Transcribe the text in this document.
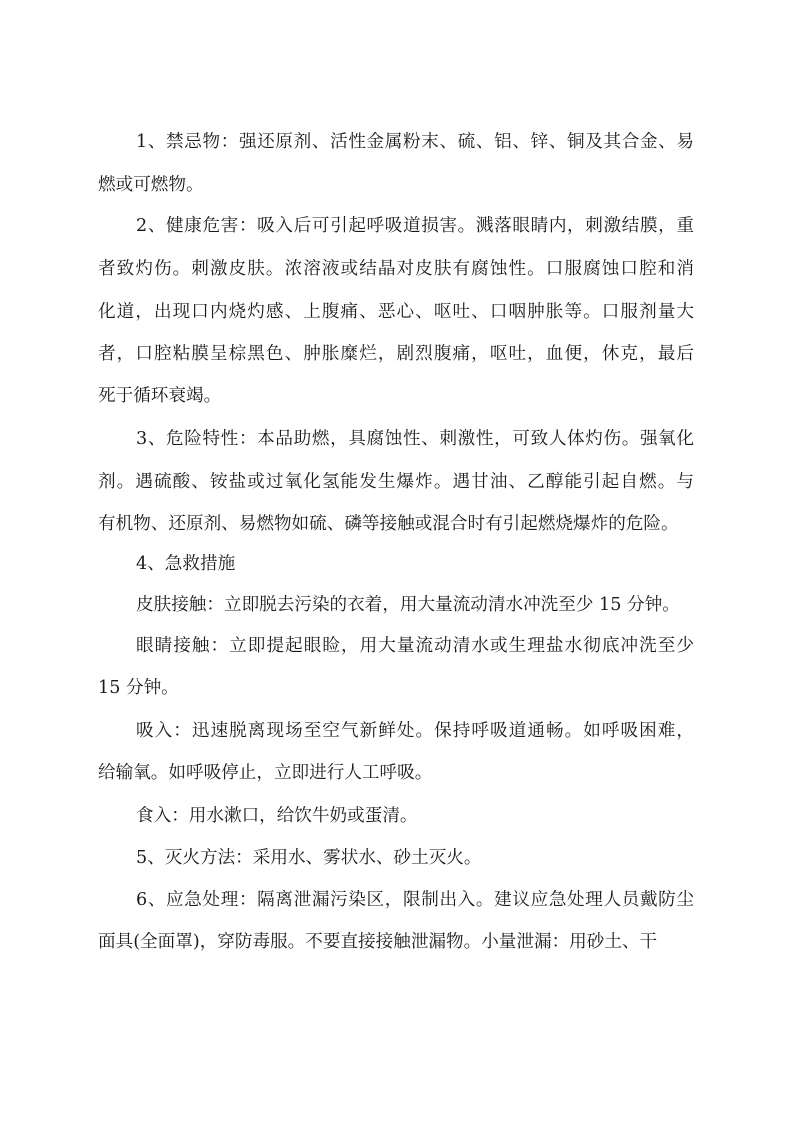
1、禁忌物：强还原剂、活性金属粉末、硫、铝、锌、铜及其合金、易
燃或可燃物。
2、健康危害：吸入后可引起呼吸道损害。溅落眼睛内，刺激结膜，重
者致灼伤。刺激皮肤。浓溶液或结晶对皮肤有腐蚀性。口服腐蚀口腔和消
化道，出现口内烧灼感、上腹痛、恶心、呕吐、口咽肿胀等。口服剂量大
者，口腔粘膜呈棕黑色、肿胀糜烂，剧烈腹痛，呕吐，血便，休克，最后
死于循环衰竭。
3、危险特性：本品助燃，具腐蚀性、刺激性，可致人体灼伤。强氧化
剂。遇硫酸、铵盐或过氧化氢能发生爆炸。遇甘油、乙醇能引起自燃。与
有机物、还原剂、易燃物如硫、磷等接触或混合时有引起燃烧爆炸的危险。
4、急救措施
皮肤接触：立即脱去污染的衣着，用大量流动清水冲洗至少 15 分钟。
眼睛接触：立即提起眼睑，用大量流动清水或生理盐水彻底冲洗至少
15 分钟。
吸入：迅速脱离现场至空气新鲜处。保持呼吸道通畅。如呼吸困难，
给输氧。如呼吸停止，立即进行人工呼吸。
食入：用水漱口，给饮牛奶或蛋清。
5、灭火方法：采用水、雾状水、砂土灭火。
6、应急处理：隔离泄漏污染区，限制出入。建议应急处理人员戴防尘
面具(全面罩)，穿防毒服。不要直接接触泄漏物。小量泄漏：用砂土、干
